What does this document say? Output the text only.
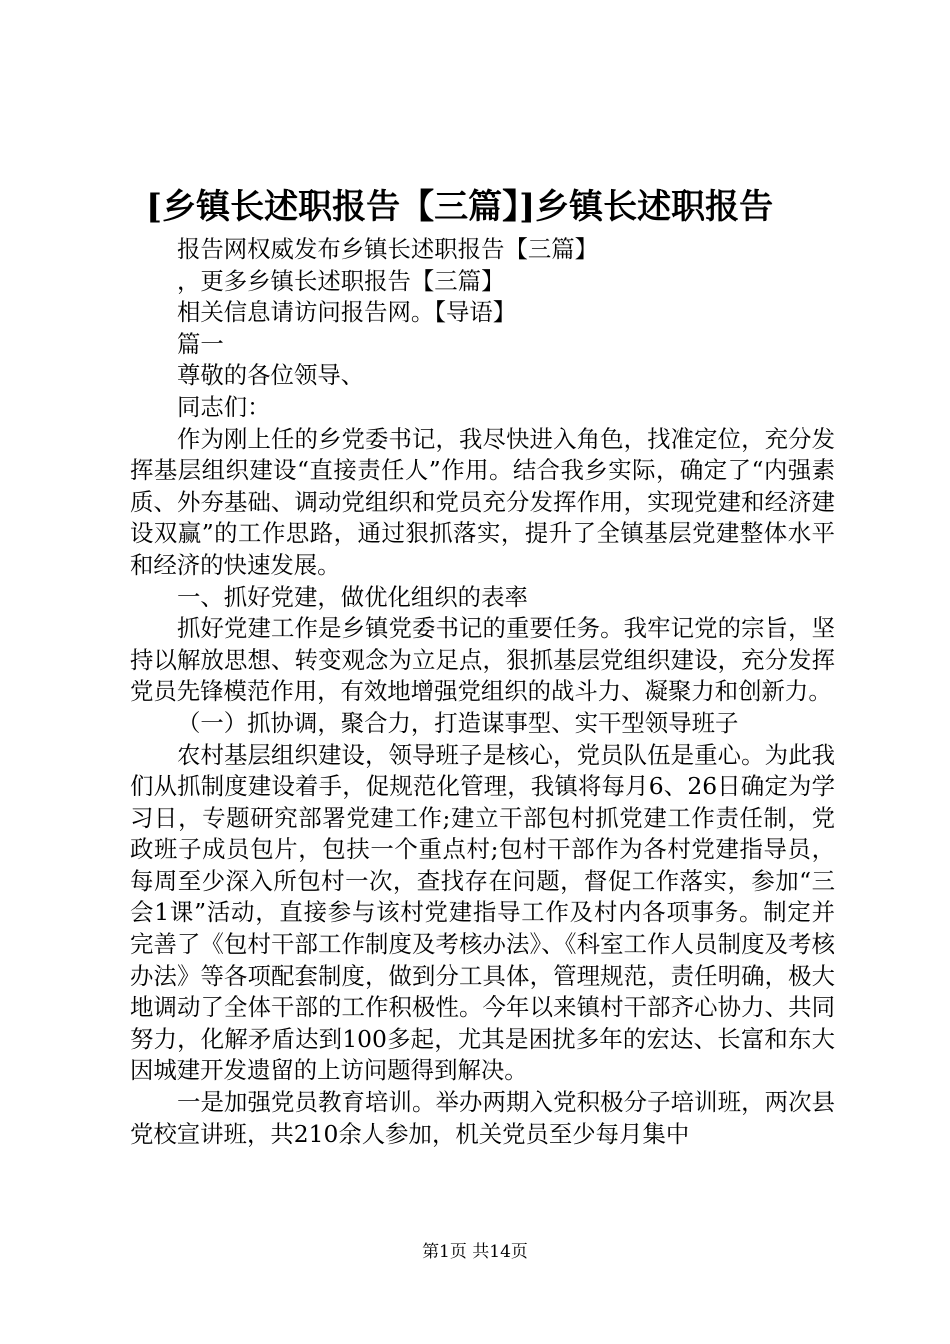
[乡镇长述职报告【三篇】]乡镇长述职报告

报告网权威发布乡镇长述职报告【三篇】

，更多乡镇长述职报告【三篇】

相关信息请访问报告网。【导语】

篇一

尊敬的各位领导、

同志们：

作为刚上任的乡党委书记，我尽快进入角色，找准定位，充分发挥基层组织建设“直接责任人”作用。结合我乡实际，确定了“内强素质、外夯基础、调动党组织和党员充分发挥作用，实现党建和经济建设双赢”的工作思路，通过狠抓落实，提升了全镇基层党建整体水平和经济的快速发展。

一、抓好党建，做优化组织的表率

抓好党建工作是乡镇党委书记的重要任务。我牢记党的宗旨，坚持以解放思想、转变观念为立足点，狠抓基层党组织建设，充分发挥党员先锋模范作用，有效地增强党组织的战斗力、凝聚力和创新力。

（一）抓协调，聚合力，打造谋事型、实干型领导班子

农村基层组织建设，领导班子是核心，党员队伍是重心。为此我们从抓制度建设着手，促规范化管理，我镇将每月6、26日确定为学习日，专题研究部署党建工作;建立干部包村抓党建工作责任制，党政班子成员包片，包扶一个重点村;包村干部作为各村党建指导员，每周至少深入所包村一次，查找存在问题，督促工作落实，参加“三会1课”活动，直接参与该村党建指导工作及村内各项事务。制定并完善了《包村干部工作制度及考核办法》、《科室工作人员制度及考核办法》等各项配套制度，做到分工具体，管理规范，责任明确，极大地调动了全体干部的工作积极性。今年以来镇村干部齐心协力、共同努力，化解矛盾达到100多起，尤其是困扰多年的宏达、长富和东大因城建开发遗留的上访问题得到解决。

一是加强党员教育培训。举办两期入党积极分子培训班，两次县党校宣讲班，共210余人参加，机关党员至少每月集中

第1页 共14页
